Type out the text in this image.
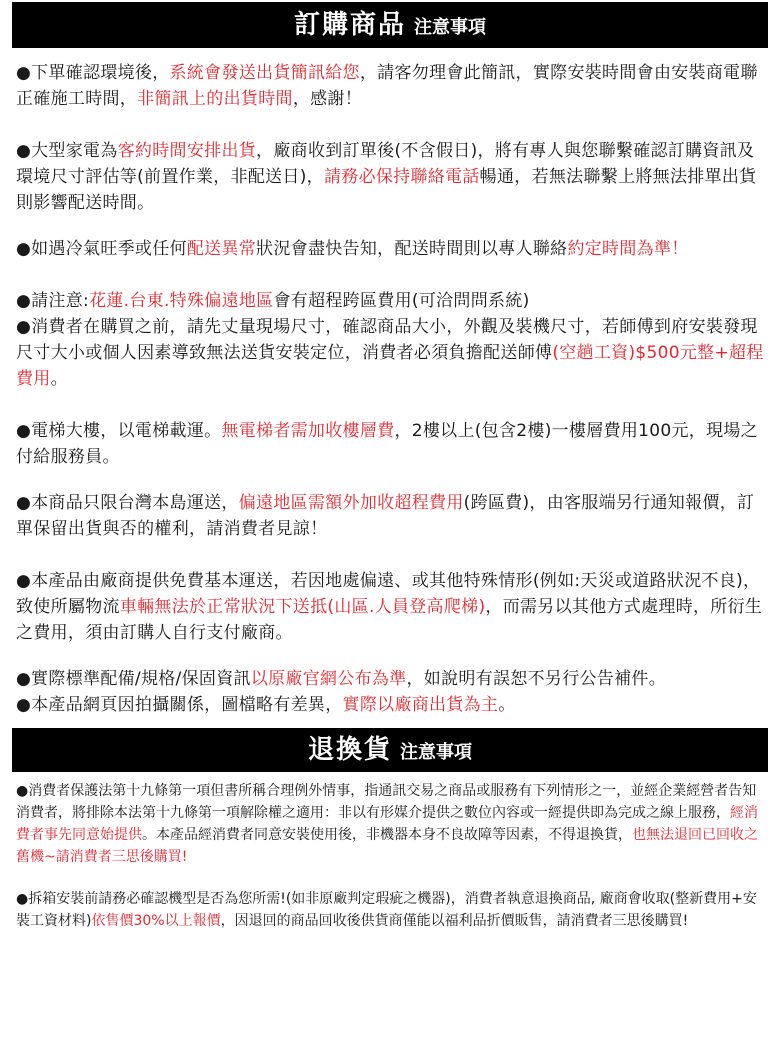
訂購商品 注意事項

●下單確認環境後，系統會發送出貨簡訊給您，請客勿理會此簡訊，實際安裝時間會由安裝商電聯正確施工時間，非簡訊上的出貨時間，感謝！

●大型家電為客約時間安排出貨，廠商收到訂單後(不含假日)，將有專人與您聯繫確認訂購資訊及環境尺寸評估等(前置作業，非配送日)，請務必保持聯絡電話暢通，若無法聯繫上將無法排單出貨則影響配送時間。

●如遇冷氣旺季或任何配送異常狀況會盡快告知，配送時間則以專人聯絡約定時間為準！

●請注意:花蓮.台東.特殊偏遠地區會有超程跨區費用(可洽問問系統)

●消費者在購買之前，請先丈量現場尺寸，確認商品大小，外觀及裝機尺寸，若師傅到府安裝發現尺寸大小或個人因素導致無法送貨安裝定位，消費者必須負擔配送師傅(空趟工資)$500元整+超程費用。

●電梯大樓，以電梯載運。無電梯者需加收樓層費，2樓以上(包含2樓)一樓層費用100元，現場之付給服務員。

●本商品只限台灣本島運送，偏遠地區需額外加收超程費用(跨區費)，由客服端另行通知報價，訂單保留出貨與否的權利，請消費者見諒！

●本產品由廠商提供免費基本運送，若因地處偏遠、或其他特殊情形(例如:天災或道路狀況不良)，致使所屬物流車輛無法於正常狀況下送抵(山區.人員登高爬梯)，而需另以其他方式處理時，所衍生之費用，須由訂購人自行支付廠商。

●實際標準配備/規格/保固資訊以原廠官網公布為準，如說明有誤恕不另行公告補件。

●本產品網頁因拍攝關係，圖檔略有差異，實際以廠商出貨為主。

退換貨 注意事項

●消費者保護法第十九條第一項但書所稱合理例外情事，指通訊交易之商品或服務有下列情形之一，並經企業經營者告知消費者，將排除本法第十九條第一項解除權之適用：非以有形媒介提供之數位內容或一經提供即為完成之線上服務，經消費者事先同意始提供。本產品經消費者同意安裝使用後，非機器本身不良故障等因素，不得退換貨，也無法退回已回收之舊機~請消費者三思後購買!

●拆箱安裝前請務必確認機型是否為您所需!(如非原廠判定瑕疵之機器)，消費者執意退換商品, 廠商會收取(整新費用+安裝工資材料)依售價30%以上報價，因退回的商品回收後供貨商僅能以福利品折價販售，請消費者三思後購買!
